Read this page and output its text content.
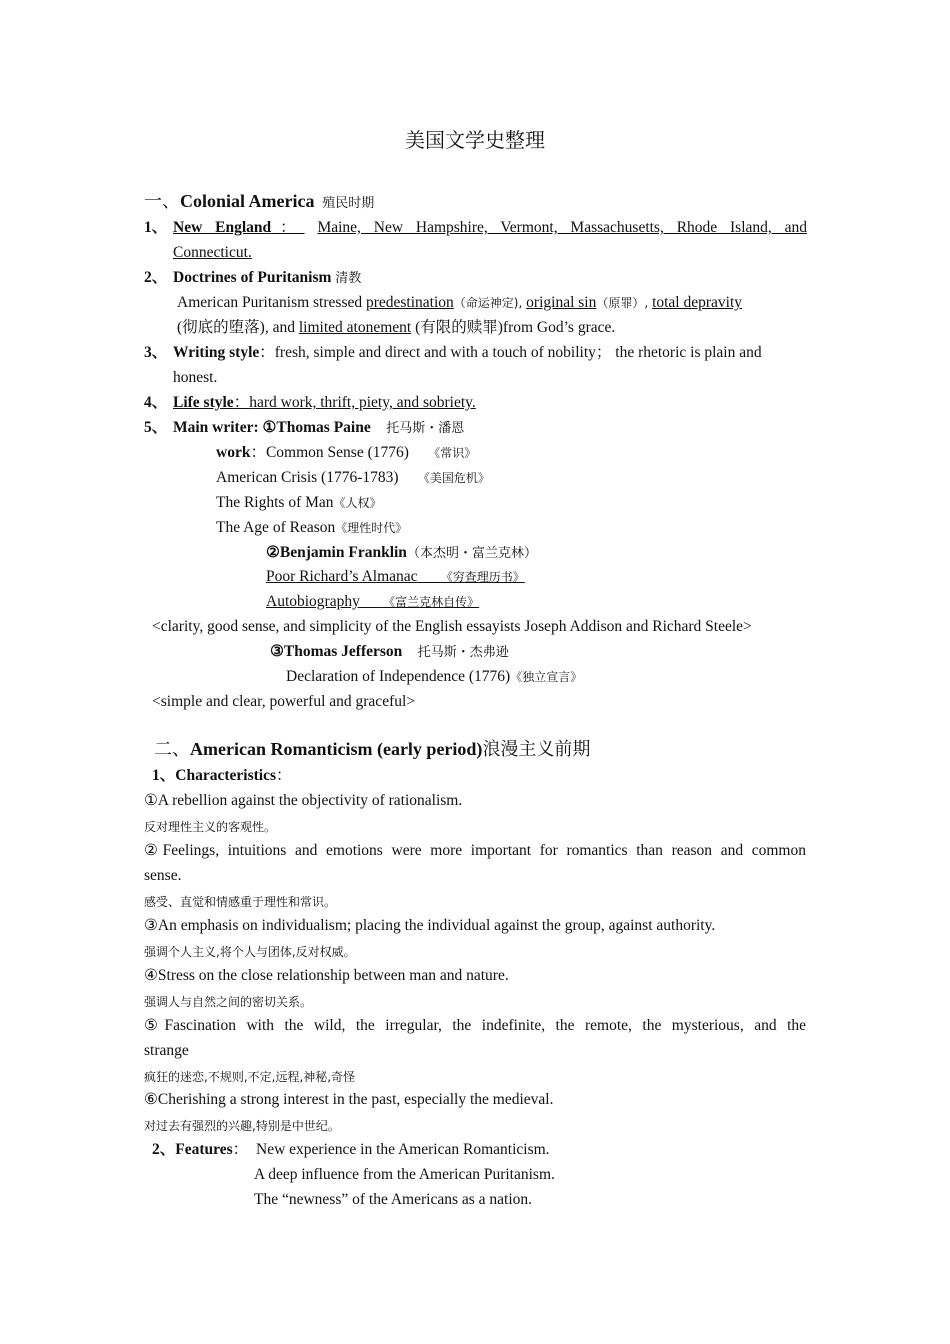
美国文学史整理
一、Colonial America 殖民时期
1、 New England： Maine, New Hampshire, Vermont, Massachusetts, Rhode Island, and
Connecticut.
2、 Doctrines of Puritanism 清教
American Puritanism stressed predestination（命运神定), original sin（原罪）, total depravity
(彻底的堕落), and limited atonement (有限的赎罪)from God’s grace.
3、 Writing style：fresh, simple and direct and with a touch of nobility； the rhetoric is plain and
honest.
4、 Life style：hard work, thrift, piety, and sobriety.
5、 Main writer: ①Thomas Paine 托马斯・潘恩
work：Common Sense (1776) 《常识》
American Crisis (1776-1783) 《美国危机》
The Rights of Man《人权》
The Age of Reason《理性时代》
②Benjamin Franklin（本杰明・富兰克林）
Poor Richard’s Almanac 《穷查理历书》
Autobiography 《富兰克林自传》
<clarity, good sense, and simplicity of the English essayists Joseph Addison and Richard Steele>
③Thomas Jefferson 托马斯・杰弗逊
Declaration of Independence (1776)《独立宣言》
<simple and clear, powerful and graceful>
二、American Romanticism (early period)浪漫主义前期
1、Characteristics：
①A rebellion against the objectivity of rationalism.
反对理性主义的客观性。
②Feelings, intuitions and emotions were more important for romantics than reason and common
sense.
感受、直觉和情感重于理性和常识。
③An emphasis on individualism; placing the individual against the group, against authority.
强调个人主义,将个人与团体,反对权威。
④Stress on the close relationship between man and nature.
强调人与自然之间的密切关系。
⑤Fascination with the wild, the irregular, the indefinite, the remote, the mysterious, and the
strange
疯狂的迷恋,不规则,不定,远程,神秘,奇怪
⑥Cherishing a strong interest in the past, especially the medieval.
对过去有强烈的兴趣,特别是中世纪。
2、Features： New experience in the American Romanticism.
A deep influence from the American Puritanism.
The “newness” of the Americans as a nation.
